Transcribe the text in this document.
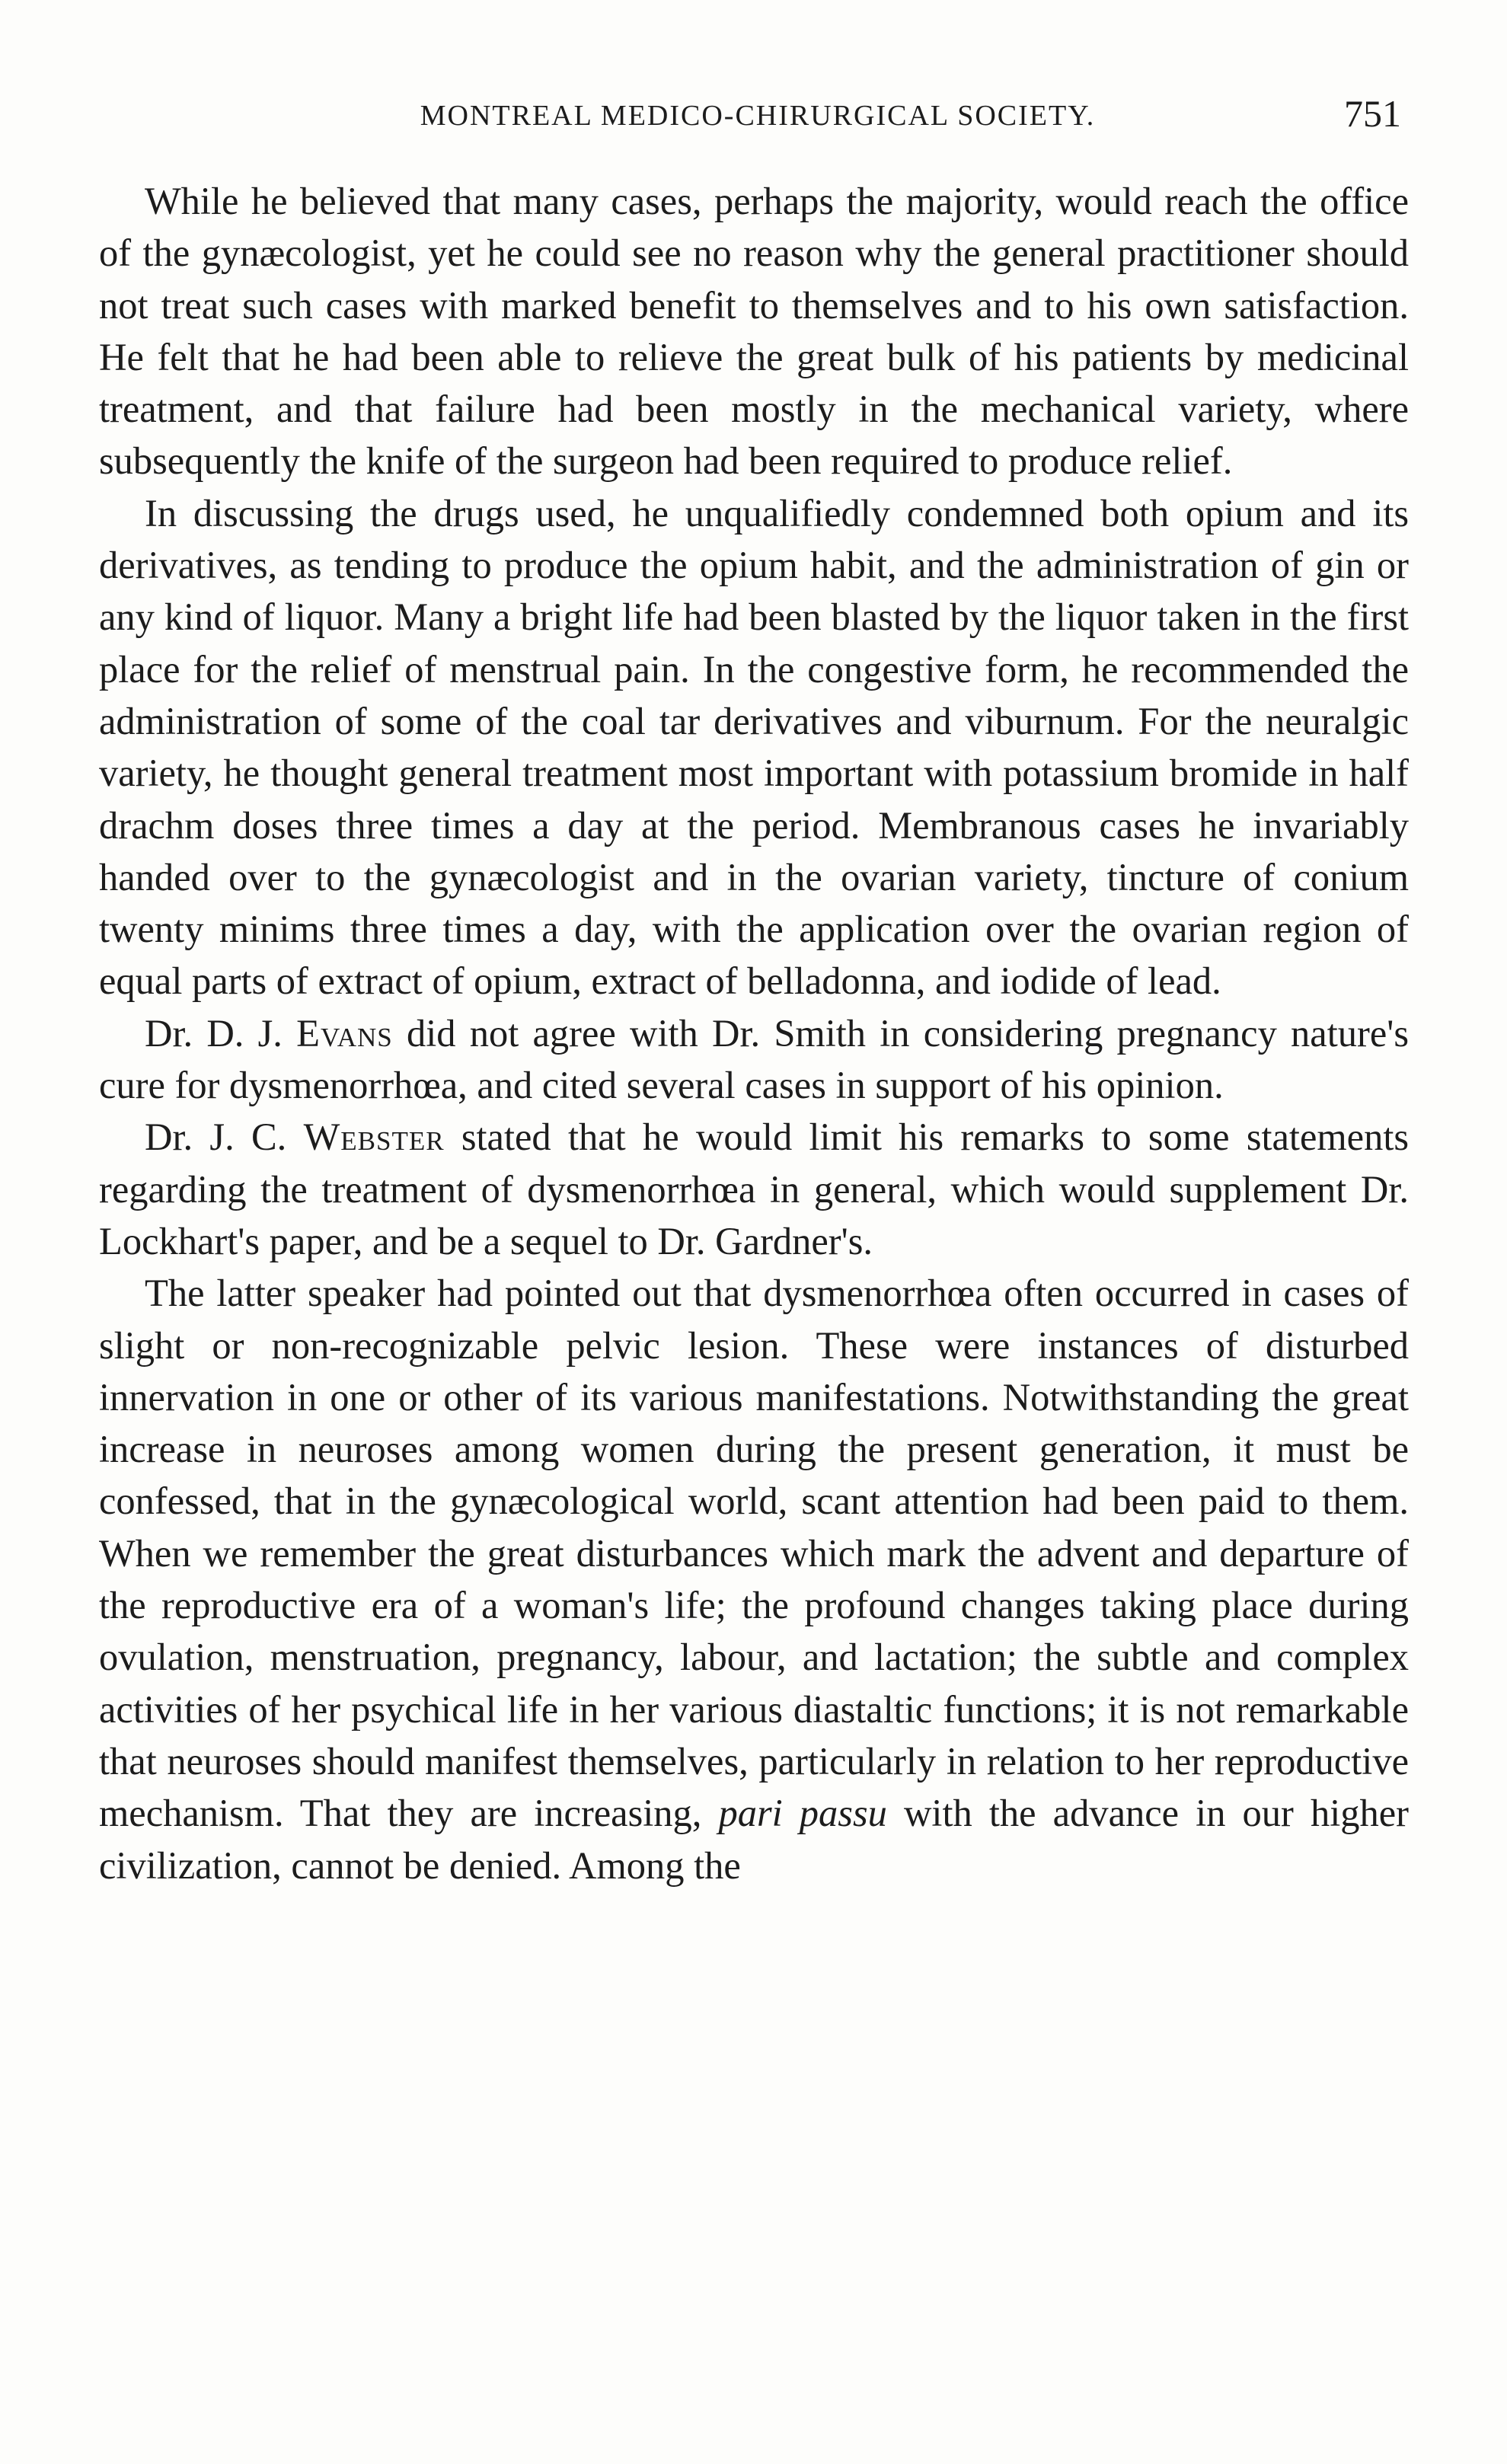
MONTREAL MEDICO-CHIRURGICAL SOCIETY.	751

While he believed that many cases, perhaps the majority, would reach the office of the gynæcologist, yet he could see no reason why the general practitioner should not treat such cases with marked benefit to themselves and to his own satisfaction. He felt that he had been able to relieve the great bulk of his patients by medicinal treatment, and that failure had been mostly in the mechanical variety, where subsequently the knife of the surgeon had been required to produce relief.

In discussing the drugs used, he unqualifiedly condemned both opium and its derivatives, as tending to produce the opium habit, and the administration of gin or any kind of liquor. Many a bright life had been blasted by the liquor taken in the first place for the relief of menstrual pain. In the congestive form, he recommended the administration of some of the coal tar derivatives and viburnum. For the neuralgic variety, he thought general treatment most important with potassium bromide in half drachm doses three times a day at the period. Membranous cases he invariably handed over to the gynæcologist and in the ovarian variety, tincture of conium twenty minims three times a day, with the application over the ovarian region of equal parts of extract of opium, extract of belladonna, and iodide of lead.

Dr. D. J. Evans did not agree with Dr. Smith in considering pregnancy nature's cure for dysmenorrhœa, and cited several cases in support of his opinion.

Dr. J. C. Webster stated that he would limit his remarks to some statements regarding the treatment of dysmenorrhœa in general, which would supplement Dr. Lockhart's paper, and be a sequel to Dr. Gardner's.

The latter speaker had pointed out that dysmenorrhœa often occurred in cases of slight or non-recognizable pelvic lesion. These were instances of disturbed innervation in one or other of its various manifestations. Notwithstanding the great increase in neuroses among women during the present generation, it must be confessed, that in the gynæcological world, scant attention had been paid to them. When we remember the great disturbances which mark the advent and departure of the reproductive era of a woman's life; the profound changes taking place during ovulation, menstruation, pregnancy, labour, and lactation; the subtle and complex activities of her psychical life in her various diastaltic functions; it is not remarkable that neuroses should manifest themselves, particularly in relation to her reproductive mechanism. That they are increasing, pari passu with the advance in our higher civilization, cannot be denied. Among the
